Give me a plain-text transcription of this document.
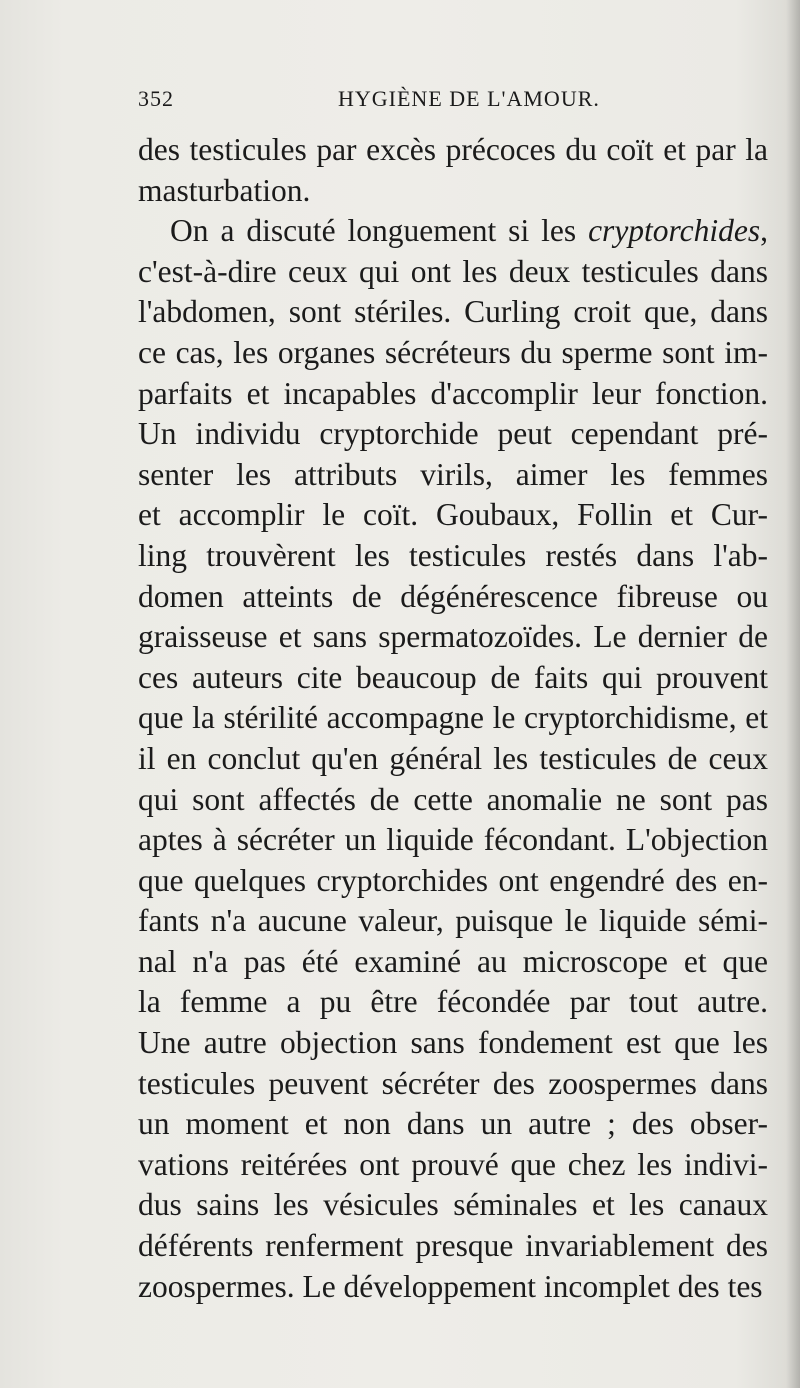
352	HYGIÈNE DE L'AMOUR.
des testicules par excès précoces du coït et par la
masturbation.
On a discuté longuement si les cryptorchides,
c'est-à-dire ceux qui ont les deux testicules dans
l'abdomen, sont stériles. Curling croit que, dans
ce cas, les organes sécréteurs du sperme sont im-
parfaits et incapables d'accomplir leur fonction.
Un individu cryptorchide peut cependant pré-
senter les attributs virils, aimer les femmes
et accomplir le coït. Goubaux, Follin et Cur-
ling trouvèrent les testicules restés dans l'ab-
domen atteints de dégénérescence fibreuse ou
graisseuse et sans spermatozoïdes. Le dernier de
ces auteurs cite beaucoup de faits qui prouvent
que la stérilité accompagne le cryptorchidisme, et
il en conclut qu'en général les testicules de ceux
qui sont affectés de cette anomalie ne sont pas
aptes à sécréter un liquide fécondant. L'objection
que quelques cryptorchides ont engendré des en-
fants n'a aucune valeur, puisque le liquide sémi-
nal n'a pas été examiné au microscope et que
la femme a pu être fécondée par tout autre.
Une autre objection sans fondement est que les
testicules peuvent sécréter des zoospermes dans
un moment et non dans un autre ; des obser-
vations reitérées ont prouvé que chez les indivi-
dus sains les vésicules séminales et les canaux
déférents renferment presque invariablement des
zoospermes. Le développement incomplet des tes
